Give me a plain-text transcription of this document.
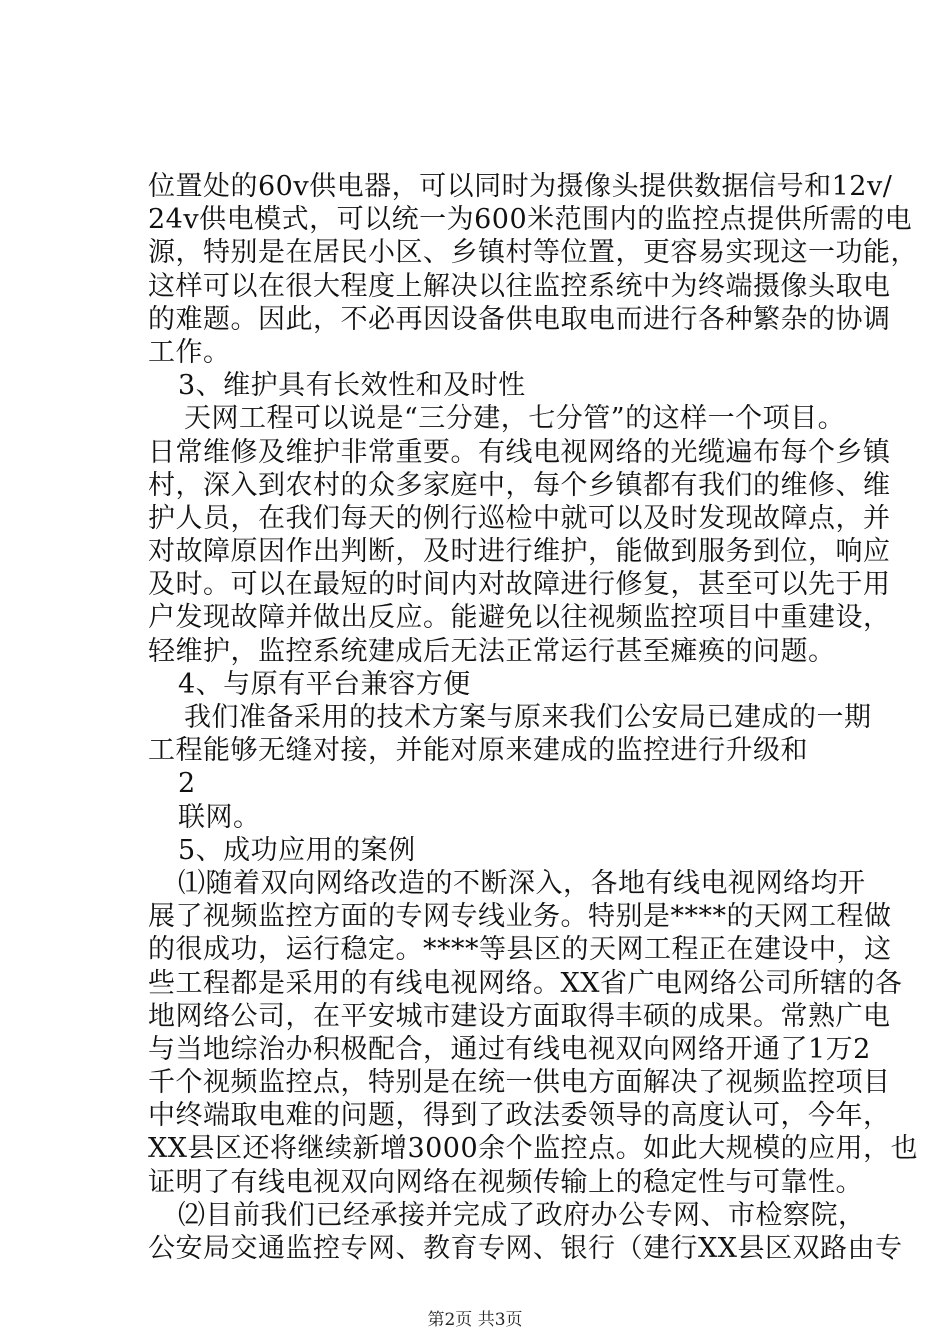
位置处的60v供电器，可以同时为摄像头提供数据信号和12v/
24v供电模式，可以统一为600米范围内的监控点提供所需的电
源，特别是在居民小区、乡镇村等位置，更容易实现这一功能，
这样可以在很大程度上解决以往监控系统中为终端摄像头取电
的难题。因此，不必再因设备供电取电而进行各种繁杂的协调
工作。
3、维护具有长效性和及时性
天网工程可以说是“三分建，七分管”的这样一个项目。
日常维修及维护非常重要。有线电视网络的光缆遍布每个乡镇
村，深入到农村的众多家庭中，每个乡镇都有我们的维修、维
护人员，在我们每天的例行巡检中就可以及时发现故障点，并
对故障原因作出判断，及时进行维护，能做到服务到位，响应
及时。可以在最短的时间内对故障进行修复，甚至可以先于用
户发现故障并做出反应。能避免以往视频监控项目中重建设，
轻维护，监控系统建成后无法正常运行甚至瘫痪的问题。
4、与原有平台兼容方便
我们准备采用的技术方案与原来我们公安局已建成的一期
工程能够无缝对接，并能对原来建成的监控进行升级和
2
联网。
5、成功应用的案例
⑴随着双向网络改造的不断深入，各地有线电视网络均开
展了视频监控方面的专网专线业务。特别是****的天网工程做
的很成功，运行稳定。****等县区的天网工程正在建设中，这
些工程都是采用的有线电视网络。XX省广电网络公司所辖的各
地网络公司，在平安城市建设方面取得丰硕的成果。常熟广电
与当地综治办积极配合，通过有线电视双向网络开通了1万2
千个视频监控点，特别是在统一供电方面解决了视频监控项目
中终端取电难的问题，得到了政法委领导的高度认可，今年，
XX县区还将继续新增3000余个监控点。如此大规模的应用，也
证明了有线电视双向网络在视频传输上的稳定性与可靠性。
⑵目前我们已经承接并完成了政府办公专网、市检察院，
公安局交通监控专网、教育专网、银行（建行XX县区双路由专
第2页 共3页
